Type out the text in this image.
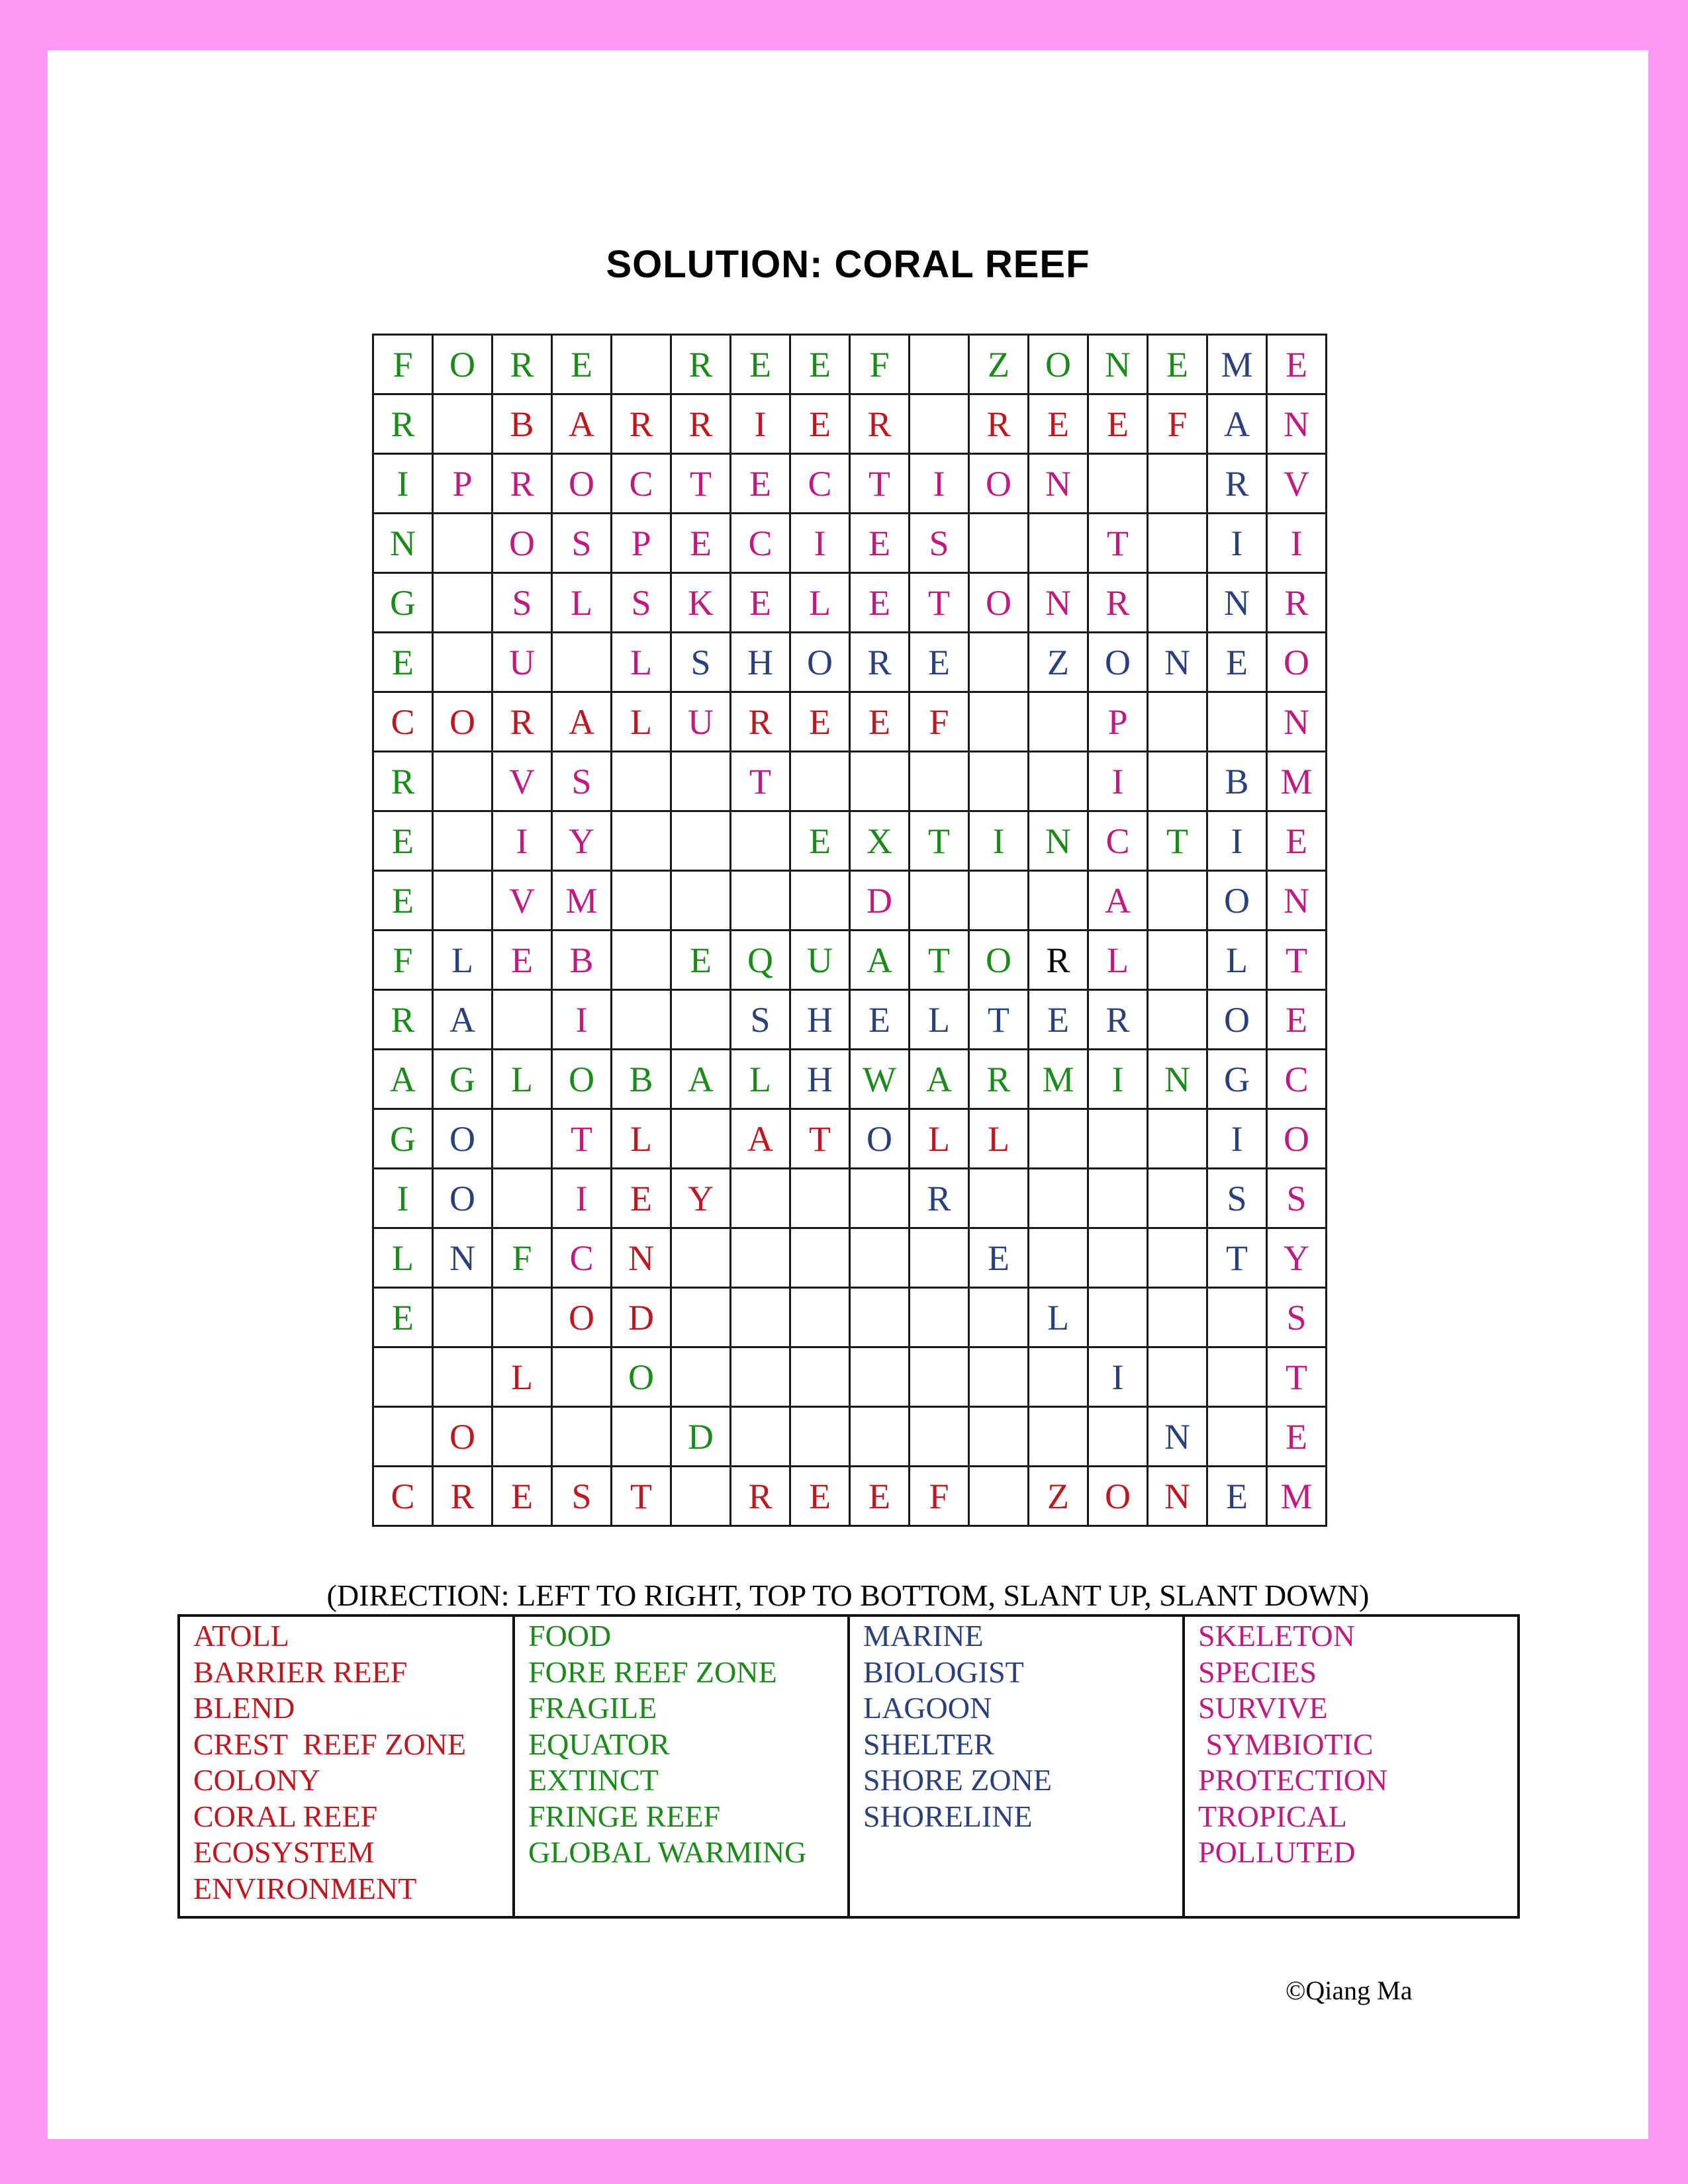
SOLUTION: CORAL REEF
F	O	R	E		R	E	E	F		Z	O	N	E	M	E
R		B	A	R	R	I	E	R		R	E	E	F	A	N
I	P	R	O	C	T	E	C	T	I	O	N			R	V
N		O	S	P	E	C	I	E	S			T		I	I
G		S	L	S	K	E	L	E	T	O	N	R		N	R
E		U		L	S	H	O	R	E		Z	O	N	E	O
C	O	R	A	L	U	R	E	E	F			P			N
R		V	S			T						I		B	M
E		I	Y				E	X	T	I	N	C	T	I	E
E		V	M					D				A		O	N
F	L	E	B		E	Q	U	A	T	O	R	L		L	T
R	A		I			S	H	E	L	T	E	R		O	E
A	G	L	O	B	A	L	H	W	A	R	M	I	N	G	C
G	O		T	L		A	T	O	L	L				I	O
I	O		I	E	Y				R					S	S
L	N	F	C	N						E				T	Y
E			O	D							L				S
		L		O								I			T
	O				D								N		E
C	R	E	S	T		R	E	E	F		Z	O	N	E	M
(DIRECTION: LEFT TO RIGHT, TOP TO BOTTOM, SLANT UP, SLANT DOWN)
ATOLL
BARRIER REEF
BLEND
CREST  REEF ZONE
COLONY
CORAL REEF
ECOSYSTEM
ENVIRONMENT
FOOD
FORE REEF ZONE
FRAGILE
EQUATOR
EXTINCT
FRINGE REEF
GLOBAL WARMING
MARINE
BIOLOGIST
LAGOON
SHELTER
SHORE ZONE
SHORELINE
SKELETON
SPECIES
SURVIVE
SYMBIOTIC
PROTECTION
TROPICAL
POLLUTED
©Qiang Ma
